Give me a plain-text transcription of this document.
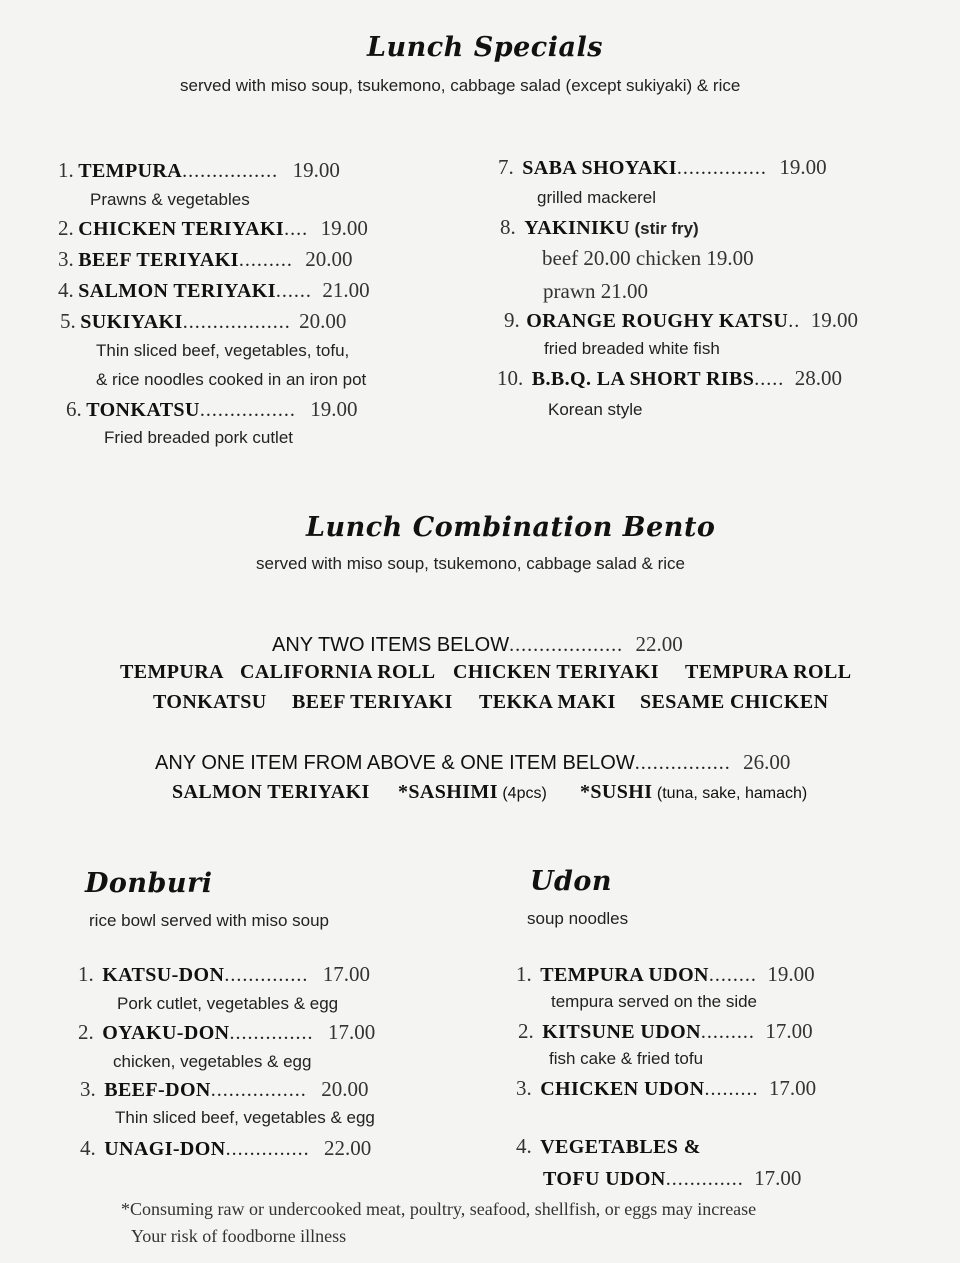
Lunch Specials
served with miso soup, tsukemono, cabbage salad (except sukiyaki) & rice
1. TEMPURA................ 19.00
Prawns & vegetables
2. CHICKEN TERIYAKI.... 19.00
3. BEEF TERIYAKI......... 20.00
4. SALMON TERIYAKI...... 21.00
5. SUKIYAKI.................. 20.00
Thin sliced beef, vegetables, tofu,
& rice noodles cooked in an iron pot
6. TONKATSU................ 19.00
Fried breaded pork cutlet
7. SABA SHOYAKI............... 19.00
grilled mackerel
8. YAKINIKU (stir fry)
beef 20.00 chicken 19.00
prawn 21.00
9. ORANGE ROUGHY KATSU.. 19.00
fried breaded white fish
10. B.B.Q. LA SHORT RIBS..... 28.00
Korean style
Lunch Combination Bento
served with miso soup, tsukemono, cabbage salad & rice
ANY TWO ITEMS BELOW................... 22.00
TEMPURA CALIFORNIA ROLL CHICKEN TERIYAKI TEMPURA ROLL
TONKATSU BEEF TERIYAKI TEKKA MAKI SESAME CHICKEN
ANY ONE ITEM FROM ABOVE & ONE ITEM BELOW................ 26.00
SALMON TERIYAKI *SASHIMI (4pcs) *SUSHI (tuna, sake, hamach)
Donburi
rice bowl served with miso soup
1. KATSU-DON.............. 17.00
Pork cutlet, vegetables & egg
2. OYAKU-DON.............. 17.00
chicken, vegetables & egg
3. BEEF-DON................ 20.00
Thin sliced beef, vegetables & egg
4. UNAGI-DON.............. 22.00
Udon
soup noodles
1. TEMPURA UDON........ 19.00
tempura served on the side
2. KITSUNE UDON......... 17.00
fish cake & fried tofu
3. CHICKEN UDON......... 17.00
4. VEGETABLES &
TOFU UDON............. 17.00
*Consuming raw or undercooked meat, poultry, seafood, shellfish, or eggs may increase
Your risk of foodborne illness
